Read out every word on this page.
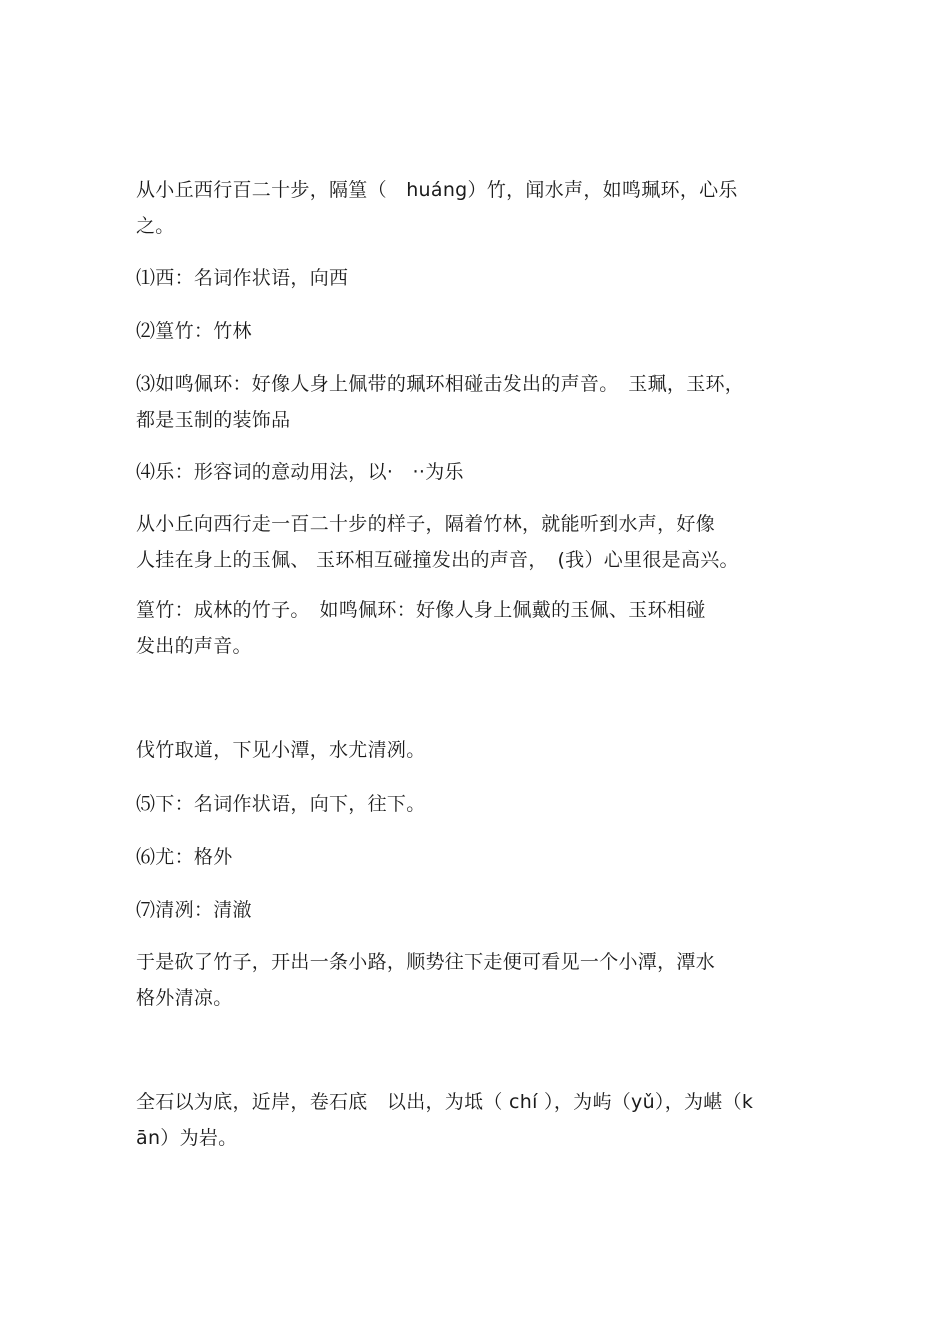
从小丘西行百二十步，隔篁（　huáng）竹，闻水声，如鸣珮环，心乐
之。

⑴西：名词作状语，向西

⑵篁竹：竹林

⑶如鸣佩环：好像人身上佩带的珮环相碰击发出的声音。　玉珮，玉环，
都是玉制的装饰品

⑷乐：形容词的意动用法，以·　··为乐

从小丘向西行走一百二十步的样子，隔着竹林，就能听到水声，好像
人挂在身上的玉佩、 玉环相互碰撞发出的声音，　(我）心里很是高兴。

篁竹：成林的竹子。　如鸣佩环：好像人身上佩戴的玉佩、玉环相碰
发出的声音。

伐竹取道，下见小潭，水尤清冽。

⑸下：名词作状语，向下，往下。

⑹尤：格外

⑺清冽：清澈

于是砍了竹子，开出一条小路，顺势往下走便可看见一个小潭，潭水
格外清凉。

全石以为底，近岸，卷石底　以出，为坻（ chí ），为屿（yǔ），为嵁（k
ān）为岩。
